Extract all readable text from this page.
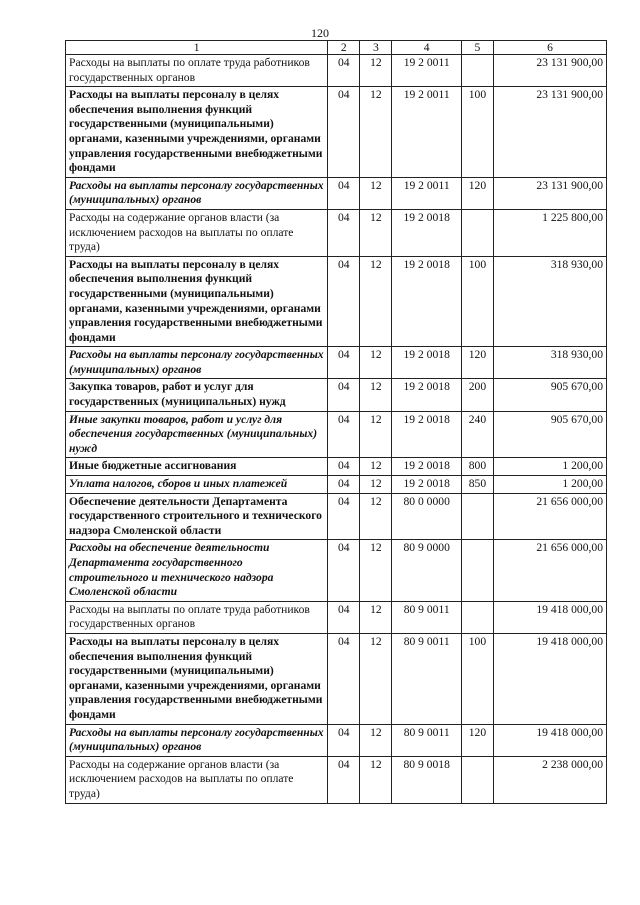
120
1	2	3	4	5	6
Расходы на выплаты по оплате труда работников государственных органов	04	12	19 2 0011		23 131 900,00
Расходы на выплаты персоналу в целях обеспечения выполнения функций государственными (муниципальными) органами, казенными учреждениями, органами управления государственными внебюджетными фондами	04	12	19 2 0011	100	23 131 900,00
Расходы на выплаты персоналу государственных (муниципальных) органов	04	12	19 2 0011	120	23 131 900,00
Расходы на содержание органов власти (за исключением расходов на выплаты по оплате труда)	04	12	19 2 0018		1 225 800,00
Расходы на выплаты персоналу в целях обеспечения выполнения функций государственными (муниципальными) органами, казенными учреждениями, органами управления государственными внебюджетными фондами	04	12	19 2 0018	100	318 930,00
Расходы на выплаты персоналу государственных (муниципальных) органов	04	12	19 2 0018	120	318 930,00
Закупка товаров, работ и услуг для государственных (муниципальных) нужд	04	12	19 2 0018	200	905 670,00
Иные закупки товаров, работ и услуг для обеспечения государственных (муниципальных) нужд	04	12	19 2 0018	240	905 670,00
Иные бюджетные ассигнования	04	12	19 2 0018	800	1 200,00
Уплата налогов, сборов и иных платежей	04	12	19 2 0018	850	1 200,00
Обеспечение деятельности Департамента государственного строительного и технического надзора Смоленской области	04	12	80 0 0000		21 656 000,00
Расходы на обеспечение деятельности Департамента государственного строительного и технического надзора Смоленской области	04	12	80 9 0000		21 656 000,00
Расходы на выплаты по оплате труда работников государственных органов	04	12	80 9 0011		19 418 000,00
Расходы на выплаты персоналу в целях обеспечения выполнения функций государственными (муниципальными) органами, казенными учреждениями, органами управления государственными внебюджетными фондами	04	12	80 9 0011	100	19 418 000,00
Расходы на выплаты персоналу государственных (муниципальных) органов	04	12	80 9 0011	120	19 418 000,00
Расходы на содержание органов власти (за исключением расходов на выплаты по оплате труда)	04	12	80 9 0018		2 238 000,00
